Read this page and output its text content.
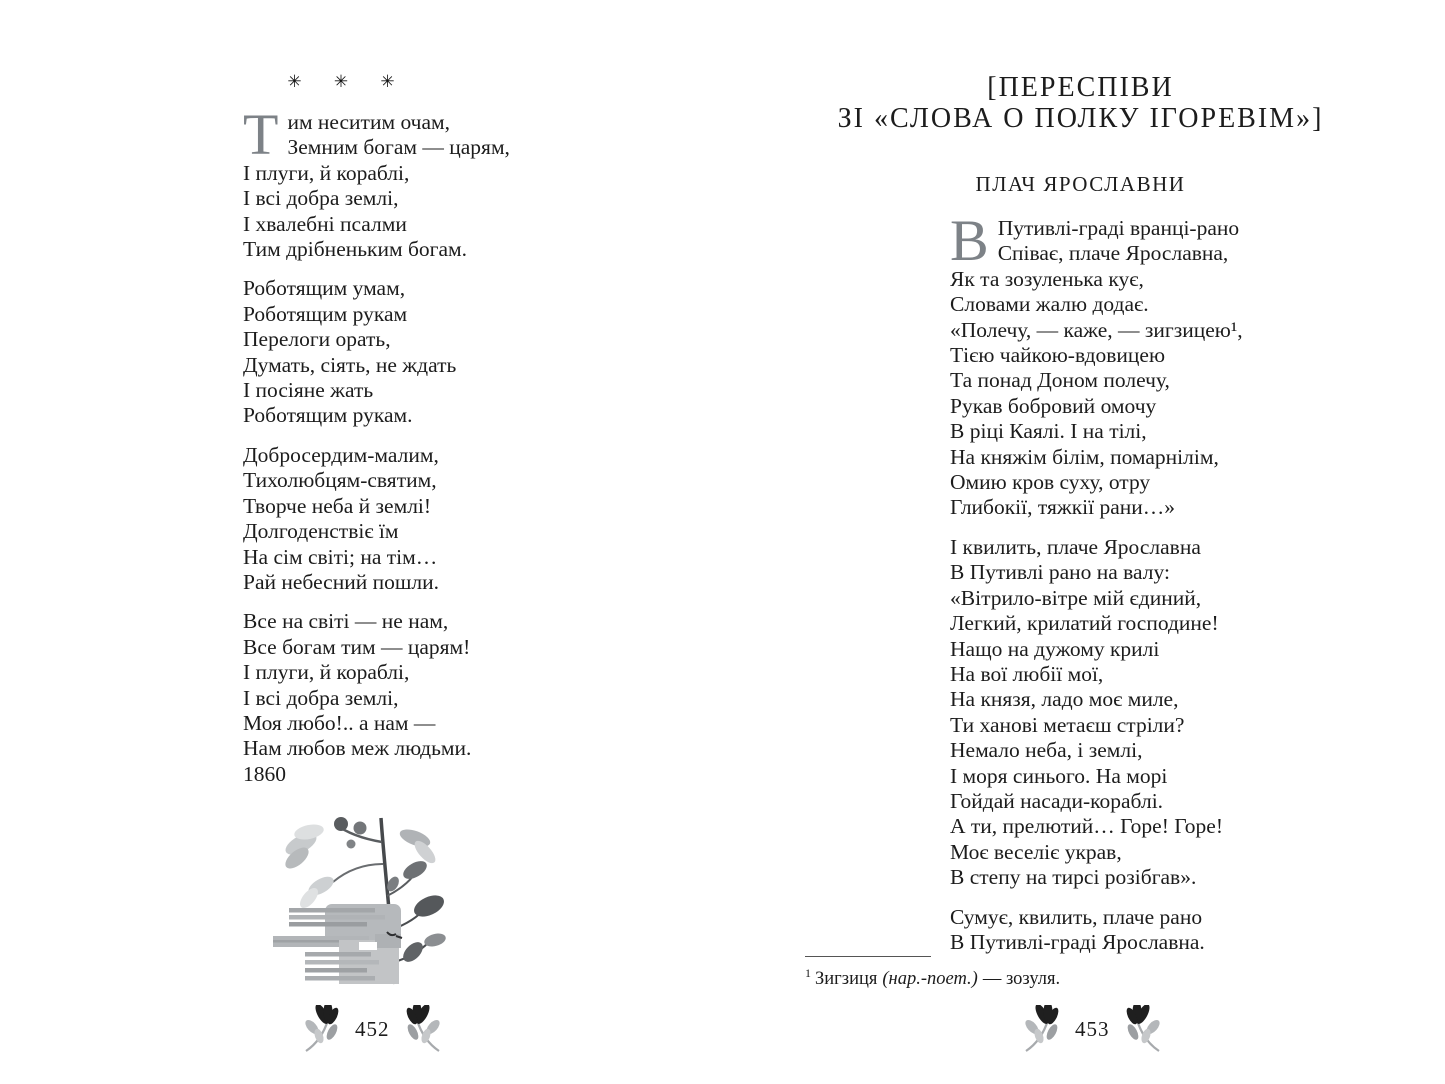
✳ ✳ ✳
Т им неситим очам,
Земним богам — царям,
І плуги, й кораблі,
І всі добра землі,
І хвалебні псалми
Тим дрібненьким богам.
Роботящим умам,
Роботящим рукам
Перелоги орать,
Думать, сіять, не ждать
І посіяне жать
Роботящим рукам.
Добросердим-малим,
Тихолюбцям-святим,
Творче неба й землі!
Долгоденствіє їм
На сім світі; на тім…
Рай небесний пошли.
Все на світі — не нам,
Все богам тим — царям!
І плуги, й кораблі,
І всі добра землі,
Моя любо!.. а нам —
Нам любов меж людьми.
1860
452
[ПЕРЕСПІВИ
ЗІ «СЛОВА О ПОЛКУ ІГОРЕВІМ»]
ПЛАЧ ЯРОСЛАВНИ
В Путивлі-граді вранці-рано
Співає, плаче Ярославна,
Як та зозуленька кує,
Словами жалю додає.
«Полечу, — каже, — зигзицею¹,
Тією чайкою-вдовицею
Та понад Доном полечу,
Рукав бобровий омочу
В ріці Каялі. І на тілі,
На княжім білім, помарнілім,
Омию кров суху, отру
Глибокії, тяжкії рани…»
І квилить, плаче Ярославна
В Путивлі рано на валу:
«Вітрило-вітре мій єдиний,
Легкий, крилатий господине!
Нащо на дужому крилі
На вої любії мої,
На князя, ладо моє миле,
Ти ханові метаєш стріли?
Немало неба, і землі,
І моря синього. На морі
Гойдай насади-кораблі.
А ти, прелютий… Горе! Горе!
Моє веселіє украв,
В степу на тирсі розібгав».
Сумує, квилить, плаче рано
В Путивлі-граді Ярославна.
$^1$ Зигзиця (нар.-поет.) — зозуля.
453
